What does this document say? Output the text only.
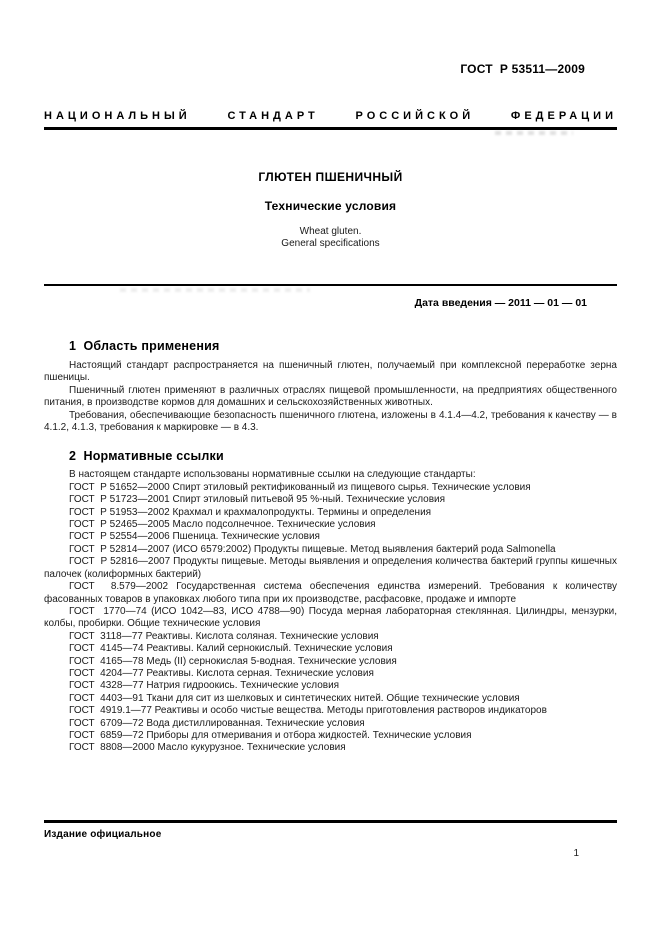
ГОСТ  Р 53511—2009
НАЦИОНАЛЬНЫЙ СТАНДАРТ РОССИЙСКОЙ ФЕДЕРАЦИИ
ГЛЮТЕН ПШЕНИЧНЫЙ
Технические условия
Wheat gluten.
General specifications
Дата введения — 2011 — 01 — 01
1  Область применения

Настоящий стандарт распространяется на пшеничный глютен, получаемый при комплексной переработке зерна пшеницы.

Пшеничный глютен применяют в различных отраслях пищевой промышленности, на предприятиях общественного питания, в производстве кормов для домашних и сельскохозяйственных животных.

Требования, обеспечивающие безопасность пшеничного глютена, изложены в 4.1.4—4.2, требования к качеству — в 4.1.2, 4.1.3, требования к маркировке — в 4.3.

2  Нормативные ссылки

В настоящем стандарте использованы нормативные ссылки на следующие стандарты:

ГОСТ  Р 51652—2000 Спирт этиловый ректификованный из пищевого сырья. Технические условия

ГОСТ  Р 51723—2001 Спирт этиловый питьевой 95 %-ный. Технические условия

ГОСТ  Р 51953—2002 Крахмал и крахмалопродукты. Термины и определения

ГОСТ  Р 52465—2005 Масло подсолнечное. Технические условия

ГОСТ  Р 52554—2006 Пшеница. Технические условия

ГОСТ  Р 52814—2007 (ИСО 6579:2002) Продукты пищевые. Метод выявления бактерий рода Salmonella

ГОСТ  Р 52816—2007 Продукты пищевые. Методы выявления и определения количества бактерий группы кишечных палочек (колиформных бактерий)

ГОСТ  8.579—2002 Государственная система обеспечения единства измерений. Требования к количеству фасованных товаров в упаковках любого типа при их производстве, расфасовке, продаже и импорте

ГОСТ  1770—74 (ИСО 1042—83, ИСО 4788—90) Посуда мерная лабораторная стеклянная. Цилиндры, мензурки, колбы, пробирки. Общие технические условия

ГОСТ  3118—77 Реактивы. Кислота соляная. Технические условия

ГОСТ  4145—74 Реактивы. Калий сернокислый. Технические условия

ГОСТ  4165—78 Медь (II) сернокислая 5-водная. Технические условия

ГОСТ  4204—77 Реактивы. Кислота серная. Технические условия

ГОСТ  4328—77 Натрия гидроокись. Технические условия

ГОСТ  4403—91 Ткани для сит из шелковых и синтетических нитей. Общие технические условия

ГОСТ  4919.1—77 Реактивы и особо чистые вещества. Методы приготовления растворов индикаторов

ГОСТ  6709—72 Вода дистиллированная. Технические условия

ГОСТ  6859—72 Приборы для отмеривания и отбора жидкостей. Технические условия

ГОСТ  8808—2000 Масло кукурузное. Технические условия

Издание официальное
1
